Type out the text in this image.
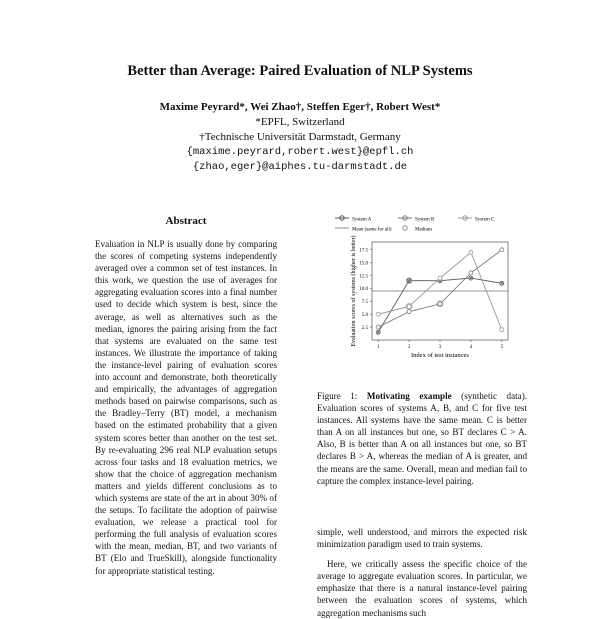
Better than Average: Paired Evaluation of NLP Systems
Maxime Peyrard*, Wei Zhao†, Steffen Eger†, Robert West*
*EPFL, Switzerland
†Technische Universität Darmstadt, Germany
{maxime.peyrard,robert.west}@epfl.ch
{zhao,eger}@aiphes.tu-darmstadt.de
Abstract
Evaluation in NLP is usually done by comparing the scores of competing systems independently averaged over a common set of test instances. In this work, we question the use of averages for aggregating evaluation scores into a final number used to decide which system is best, since the average, as well as alternatives such as the median, ignores the pairing arising from the fact that systems are evaluated on the same test instances. We illustrate the importance of taking the instance-level pairing of evaluation scores into account and demonstrate, both theoretically and empirically, the advantages of aggregation methods based on pairwise comparisons, such as the Bradley–Terry (BT) model, a mechanism based on the estimated probability that a given system scores better than another on the test set. By re-evaluating 296 real NLP evaluation setups across four tasks and 18 evaluation metrics, we show that the choice of aggregation mechanism matters and yields different conclusions as to which systems are state of the art in about 30% of the setups. To facilitate the adoption of pairwise evaluation, we release a practical tool for performing the full analysis of evaluation scores with the mean, median, BT, and two variants of BT (Elo and TrueSkill), alongside functionality for appropriate statistical testing.
System A	System B	System C
Mean (same for all)	Medians
2.5
5.0
7.5
10.0
12.5
15.0
17.5
1	2	3	4	5
Index of test instances
Evaluation scores of systems (higher is better)
Figure 1: Motivating example (synthetic data). Evaluation scores of systems A, B, and C for five test instances. All systems have the same mean. C is better than A on all instances but one, so BT declares C > A. Also, B is better than A on all instances but one, so BT declares B > A, whereas the median of A is greater, and the means are the same. Overall, mean and median fail to capture the complex instance-level pairing.

simple, well understood, and mirrors the expected risk minimization paradigm used to train systems.

Here, we critically assess the specific choice of the average to aggregate evaluation scores. In particular, we emphasize that there is a natural instance-level pairing between the evaluation scores of systems, which aggregation mechanisms such
